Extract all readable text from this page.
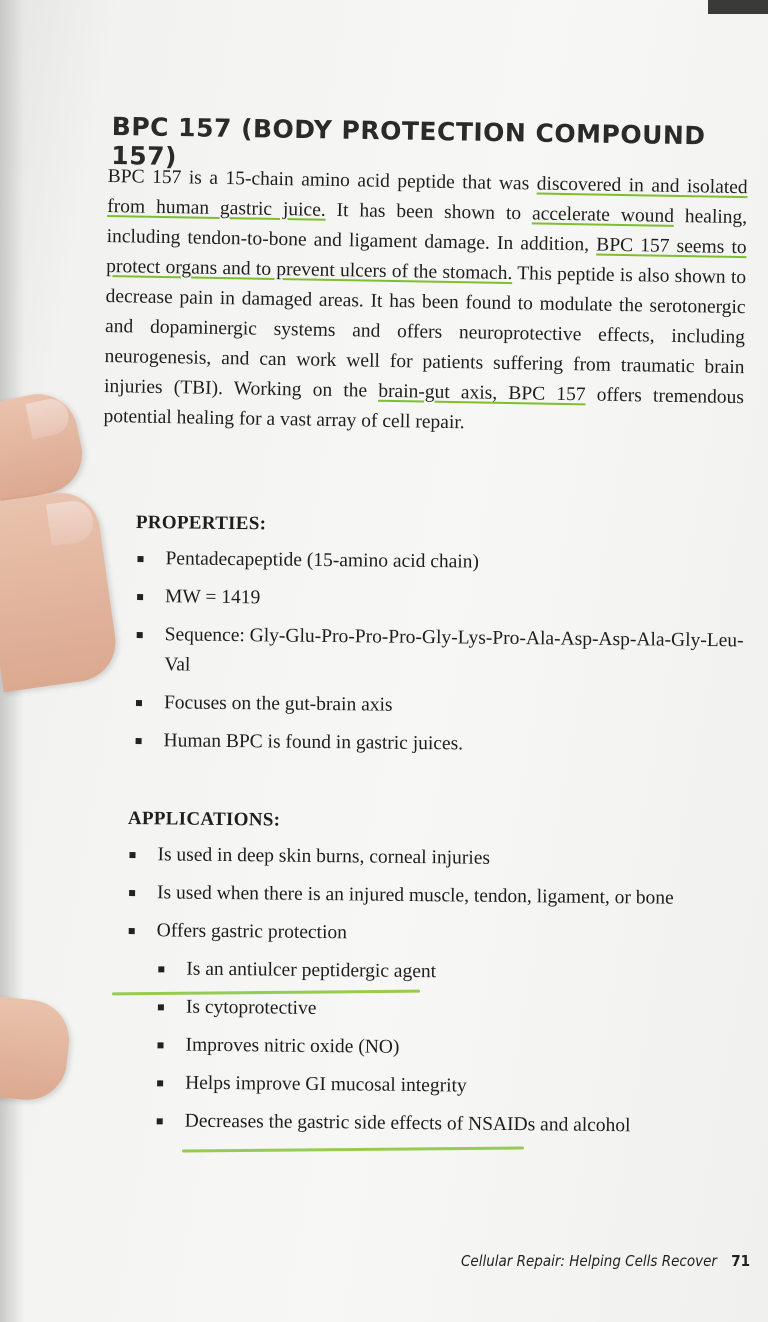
BPC 157 (BODY PROTECTION COMPOUND 157)

BPC 157 is a 15-chain amino acid peptide that was discovered in and isolated from human gastric juice. It has been shown to accelerate wound healing, including tendon-to-bone and ligament damage. In addition, BPC 157 seems to protect organs and to prevent ulcers of the stomach. This peptide is also shown to decrease pain in damaged areas. It has been found to modulate the serotonergic and dopaminergic systems and offers neuroprotective effects, including neurogenesis, and can work well for patients suffering from traumatic brain injuries (TBI). Working on the brain-gut axis, BPC 157 offers tremendous potential healing for a vast array of cell repair.

PROPERTIES:
Pentadecapeptide (15-amino acid chain)
MW = 1419
Sequence: Gly-Glu-Pro-Pro-Pro-Gly-Lys-Pro-Ala-Asp-Asp-Ala-Gly-Leu-Val
Focuses on the gut-brain axis
Human BPC is found in gastric juices.
APPLICATIONS:
Is used in deep skin burns, corneal injuries
Is used when there is an injured muscle, tendon, ligament, or bone
Offers gastric protection
Is an antiulcer peptidergic agent
Is cytoprotective
Improves nitric oxide (NO)
Helps improve GI mucosal integrity
Decreases the gastric side effects of NSAIDs and alcohol
Cellular Repair: Helping Cells Recover 71
